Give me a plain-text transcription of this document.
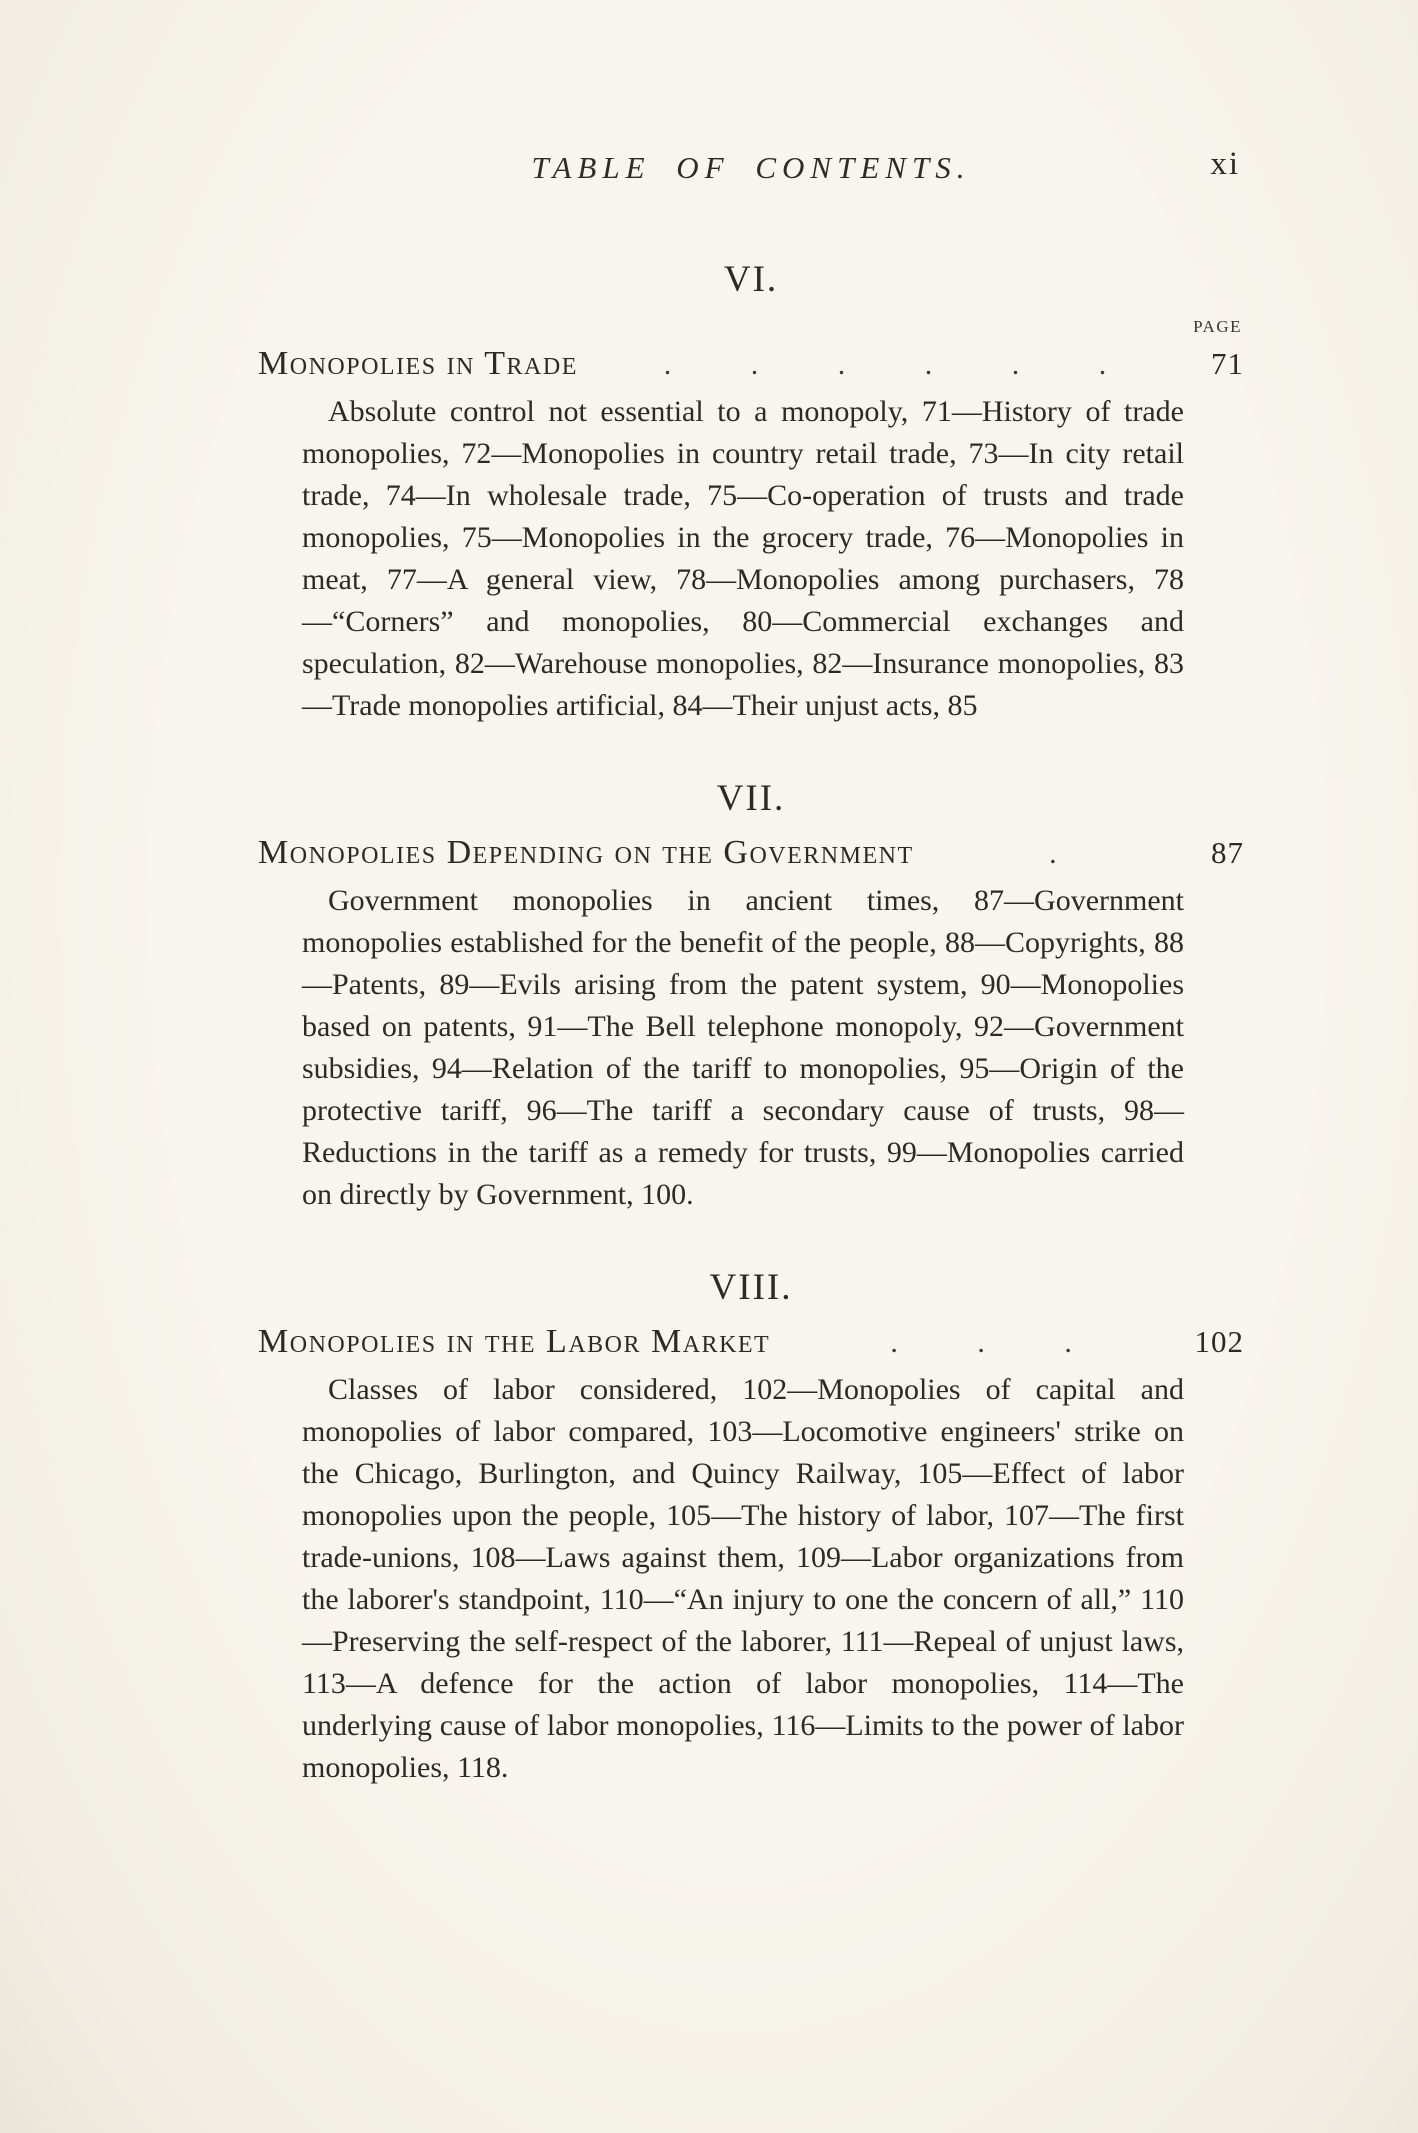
TABLE OF CONTENTS.	xi
VI.
PAGE
Monopolies in Trade	. . . . . .	71
Absolute control not essential to a monopoly, 71—History of trade monopolies, 72—Monopolies in country retail trade, 73—In city retail trade, 74—In wholesale trade, 75—Co-operation of trusts and trade monopolies, 75—Monopolies in the grocery trade, 76—Monopolies in meat, 77—A general view, 78—Monopolies among purchasers, 78—“Corners” and monopolies, 80—Commercial exchanges and speculation, 82—Warehouse monopolies, 82—Insurance monopolies, 83—Trade monopolies artificial, 84—Their unjust acts, 85
VII.
Monopolies Depending on the Government	.	87
Government monopolies in ancient times, 87—Government monopolies established for the benefit of the people, 88—Copyrights, 88—Patents, 89—Evils arising from the patent system, 90—Monopolies based on patents, 91—The Bell telephone monopoly, 92—Government subsidies, 94—Relation of the tariff to monopolies, 95—Origin of the protective tariff, 96—The tariff a secondary cause of trusts, 98—Reductions in the tariff as a remedy for trusts, 99—Monopolies carried on directly by Government, 100.
VIII.
Monopolies in the Labor Market	. . .	102
Classes of labor considered, 102—Monopolies of capital and monopolies of labor compared, 103—Locomotive engineers' strike on the Chicago, Burlington, and Quincy Railway, 105—Effect of labor monopolies upon the people, 105—The history of labor, 107—The first trade-unions, 108—Laws against them, 109—Labor organizations from the laborer's standpoint, 110—“An injury to one the concern of all,” 110—Preserving the self-respect of the laborer, 111—Repeal of unjust laws, 113—A defence for the action of labor monopolies, 114—The underlying cause of labor monopolies, 116—Limits to the power of labor monopolies, 118.
